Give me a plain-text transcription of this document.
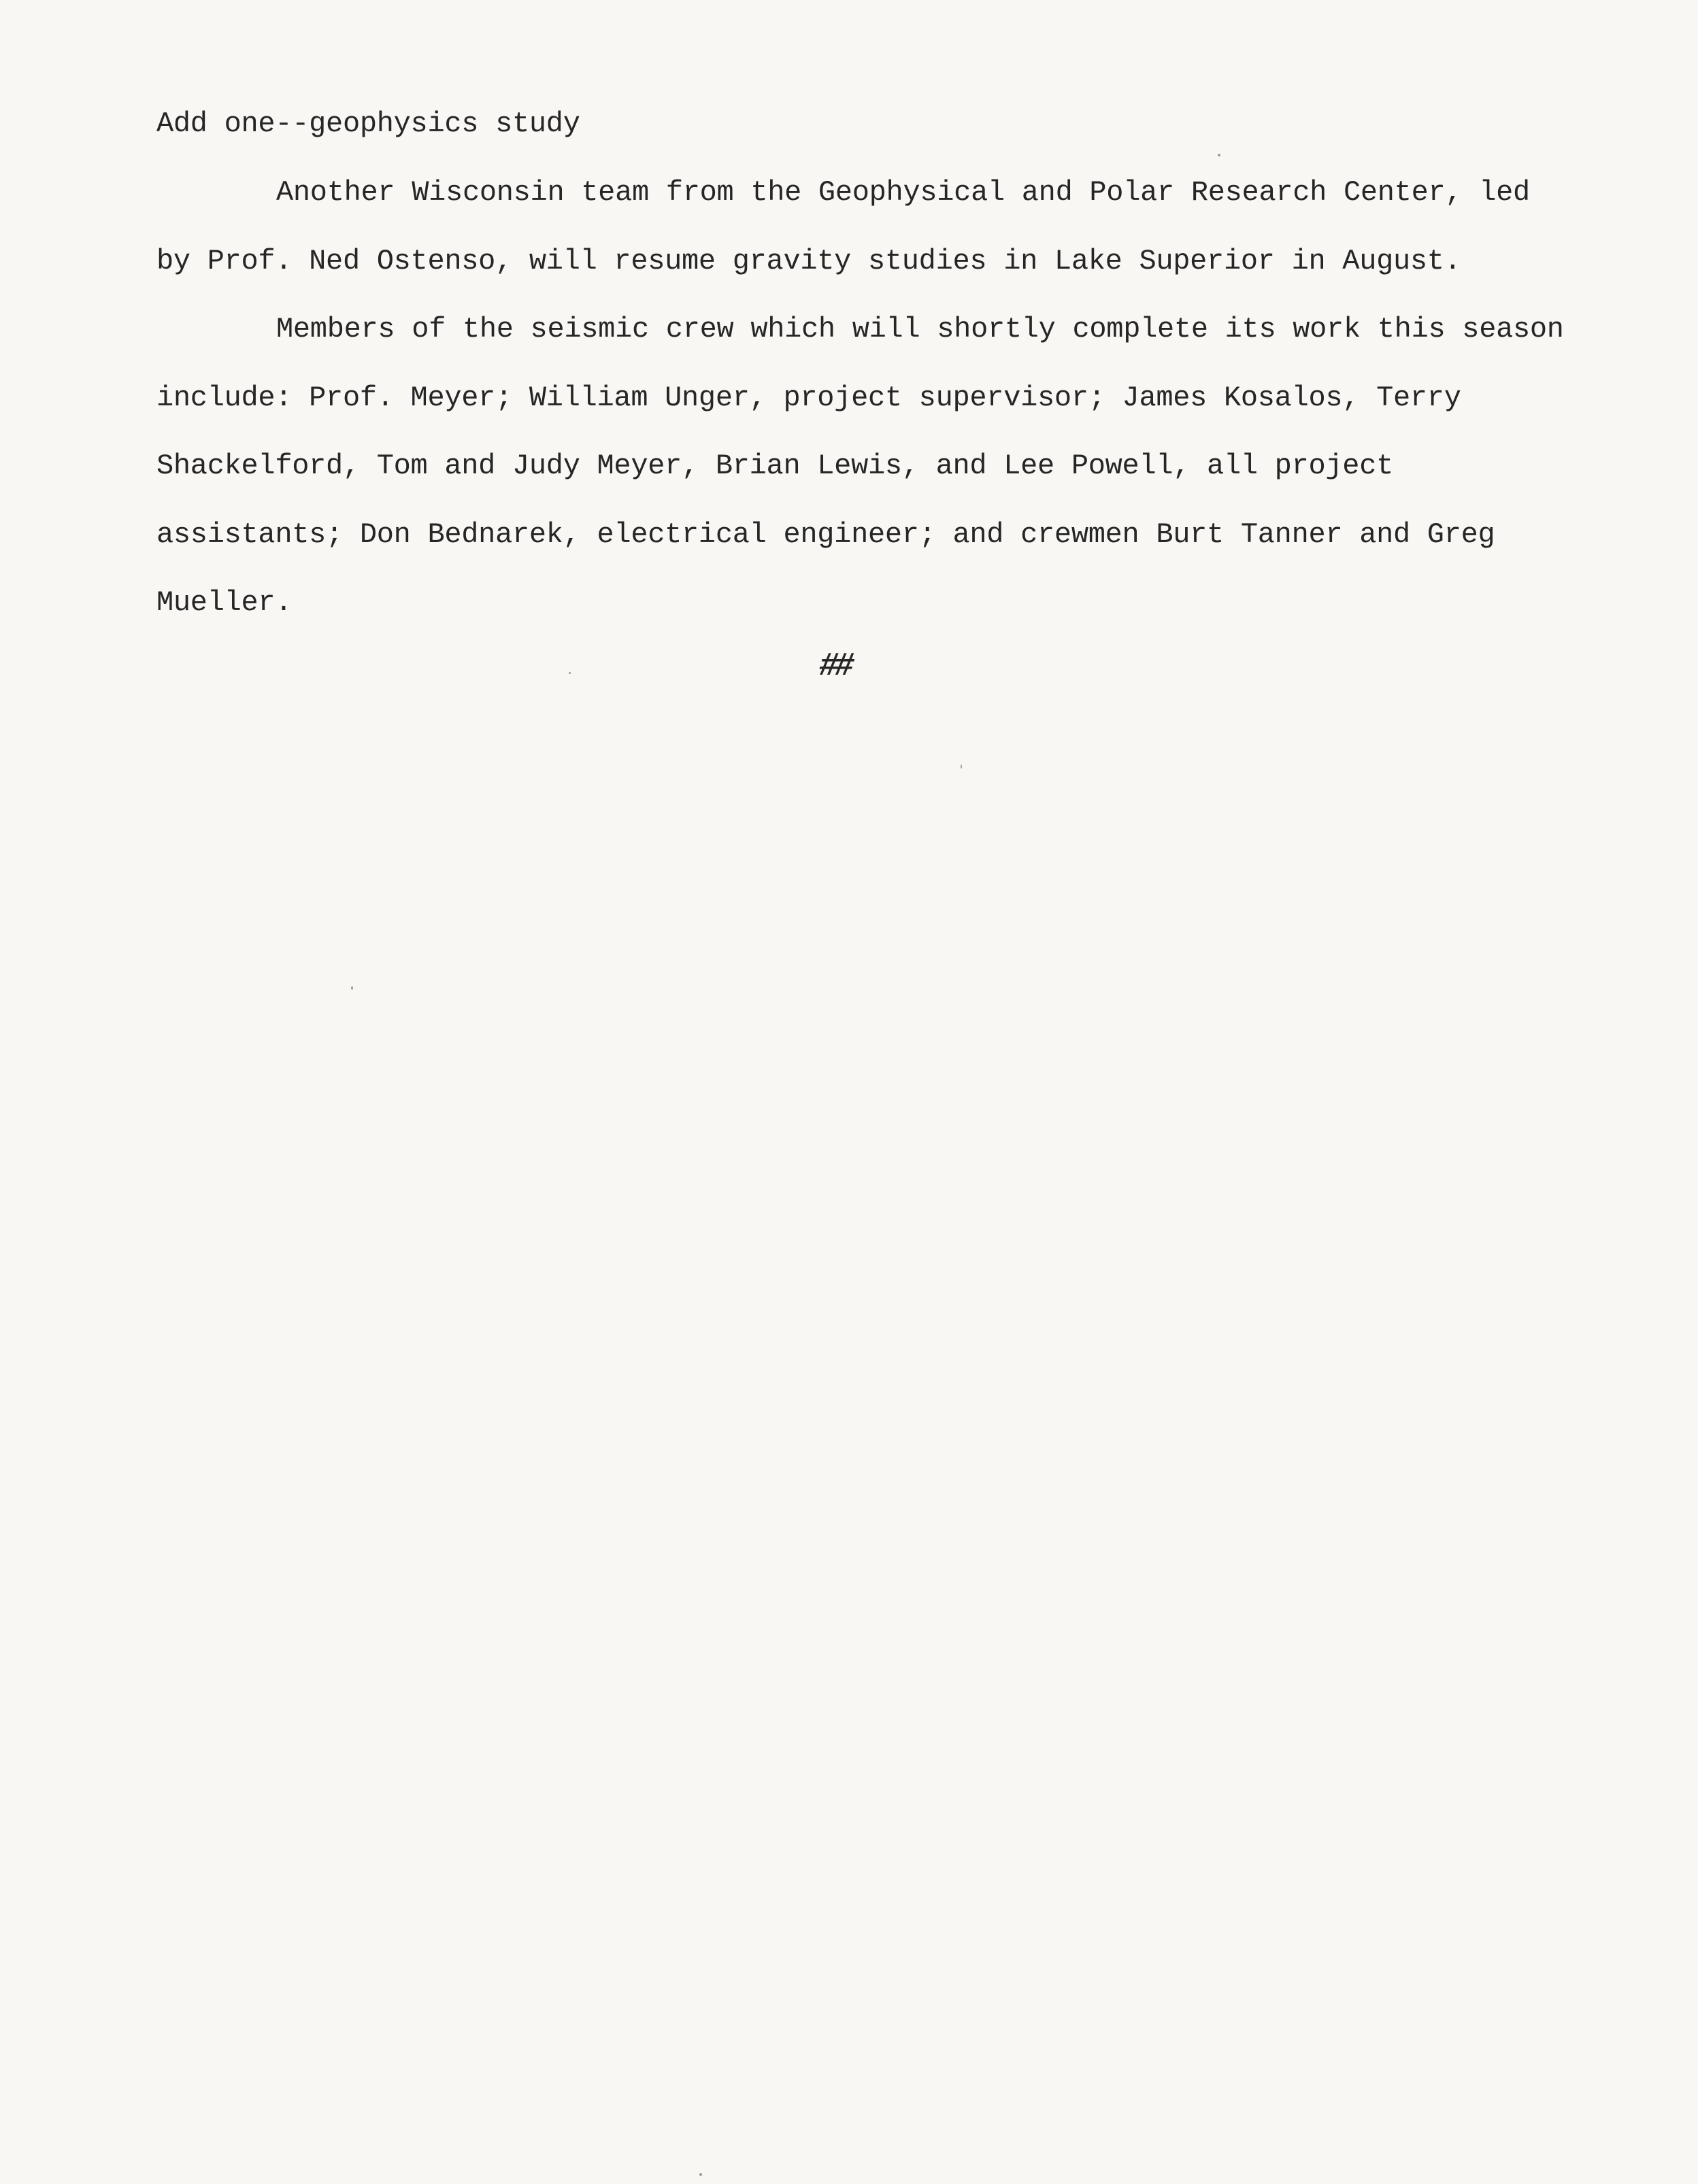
Add one--geophysics study

Another Wisconsin team from the Geophysical and Polar Research Center, led by Prof. Ned Ostenso, will resume gravity studies in Lake Superior in August.

Members of the seismic crew which will shortly complete its work this season include: Prof. Meyer; William Unger, project supervisor; James Kosalos, Terry Shackelford, Tom and Judy Meyer, Brian Lewis, and Lee Powell, all project assistants; Don Bednarek, electrical engineer; and crewmen Burt Tanner and Greg Mueller.

##
